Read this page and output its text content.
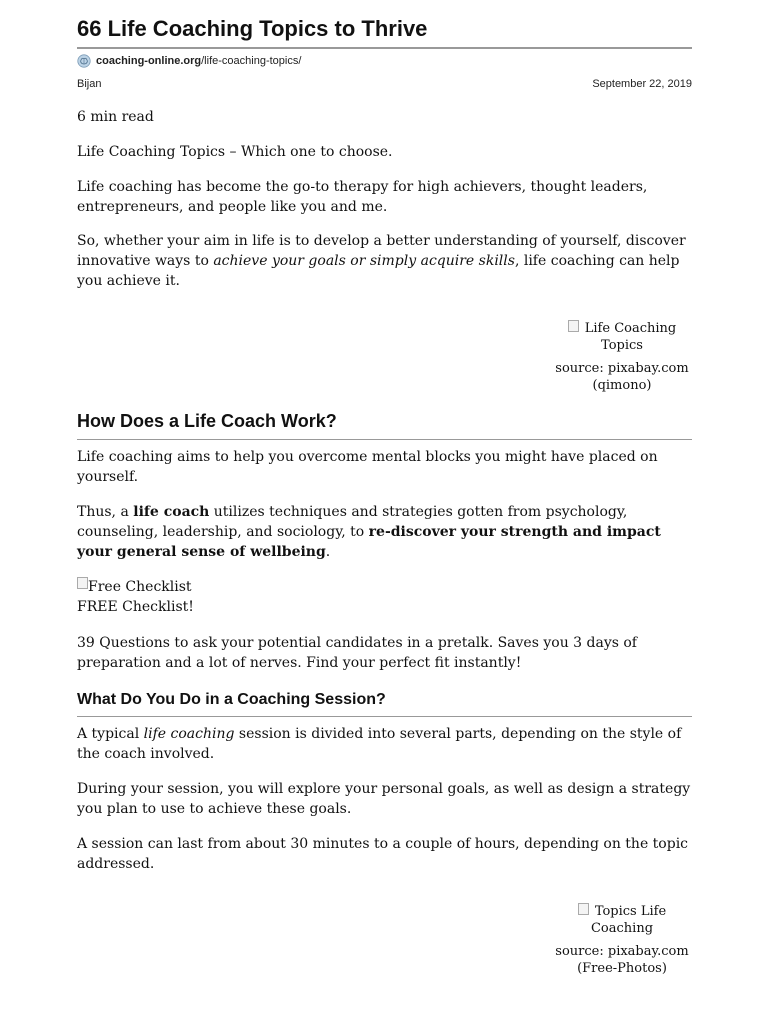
66 Life Coaching Topics to Thrive
coaching-online.org /life-coaching-topics/
Bijan	September 22, 2019

6 min read

Life Coaching Topics – Which one to choose.

Life coaching has become the go-to therapy for high achievers, thought leaders, entrepreneurs, and people like you and me.

So, whether your aim in life is to develop a better understanding of yourself, discover innovative ways to achieve your goals or simply acquire skills, life coaching can help you achieve it.

Life Coaching Topics
source: pixabay.com (qimono)
How Does a Life Coach Work?

Life coaching aims to help you overcome mental blocks you might have placed on yourself.

Thus, a life coach utilizes techniques and strategies gotten from psychology, counseling, leadership, and sociology, to re-discover your strength and impact your general sense of wellbeing.

Free Checklist
FREE Checklist!

39 Questions to ask your potential candidates in a pretalk. Saves you 3 days of preparation and a lot of nerves. Find your perfect fit instantly!

What Do You Do in a Coaching Session?

A typical life coaching session is divided into several parts, depending on the style of the coach involved.

During your session, you will explore your personal goals, as well as design a strategy you plan to use to achieve these goals.

A session can last from about 30 minutes to a couple of hours, depending on the topic addressed.

Topics Life Coaching
source: pixabay.com (Free-Photos)
